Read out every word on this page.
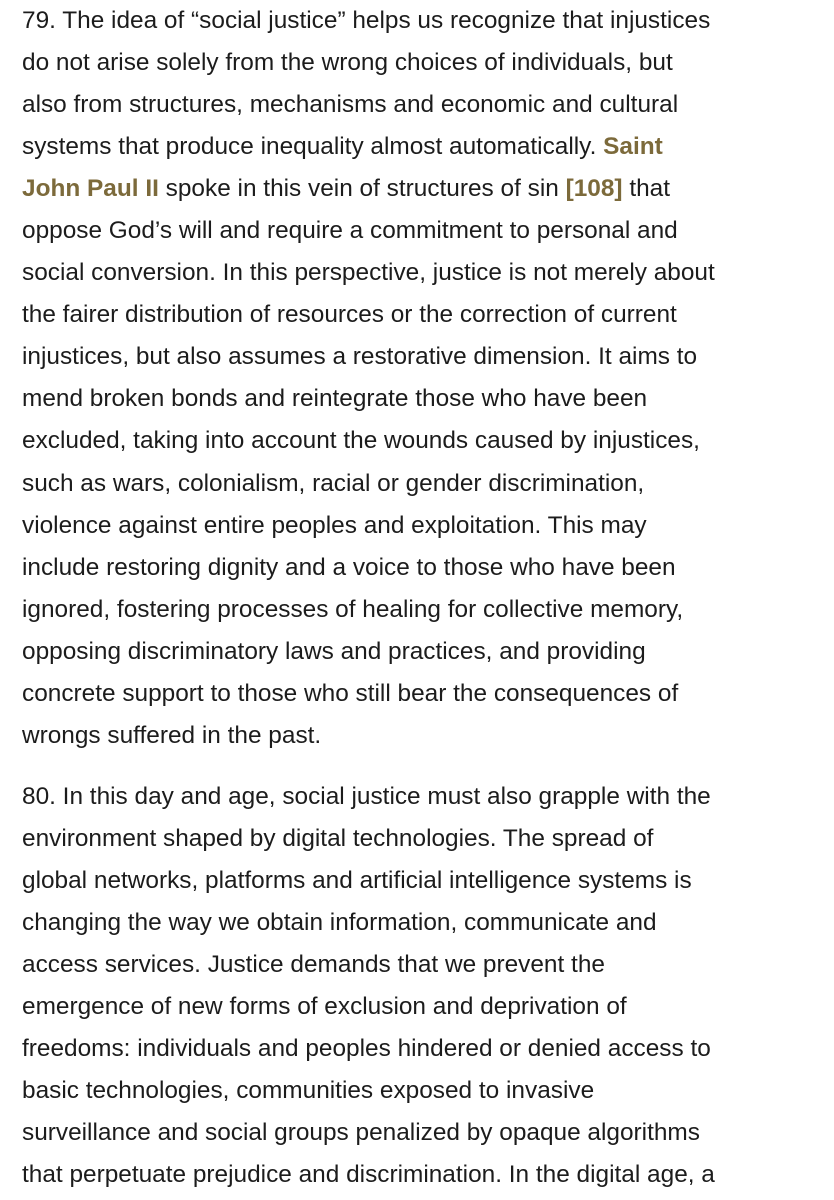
79. The idea of “social justice” helps us recognize that injustices
do not arise solely from the wrong choices of individuals, but
also from structures, mechanisms and economic and cultural
systems that produce inequality almost automatically. Saint
John Paul II spoke in this vein of structures of sin [108] that
oppose God’s will and require a commitment to personal and
social conversion. In this perspective, justice is not merely about
the fairer distribution of resources or the correction of current
injustices, but also assumes a restorative dimension. It aims to
mend broken bonds and reintegrate those who have been
excluded, taking into account the wounds caused by injustices,
such as wars, colonialism, racial or gender discrimination,
violence against entire peoples and exploitation. This may
include restoring dignity and a voice to those who have been
ignored, fostering processes of healing for collective memory,
opposing discriminatory laws and practices, and providing
concrete support to those who still bear the consequences of
wrongs suffered in the past.

80. In this day and age, social justice must also grapple with the
environment shaped by digital technologies. The spread of
global networks, platforms and artificial intelligence systems is
changing the way we obtain information, communicate and
access services. Justice demands that we prevent the
emergence of new forms of exclusion and deprivation of
freedoms: individuals and peoples hindered or denied access to
basic technologies, communities exposed to invasive
surveillance and social groups penalized by opaque algorithms
that perpetuate prejudice and discrimination. In the digital age, a
